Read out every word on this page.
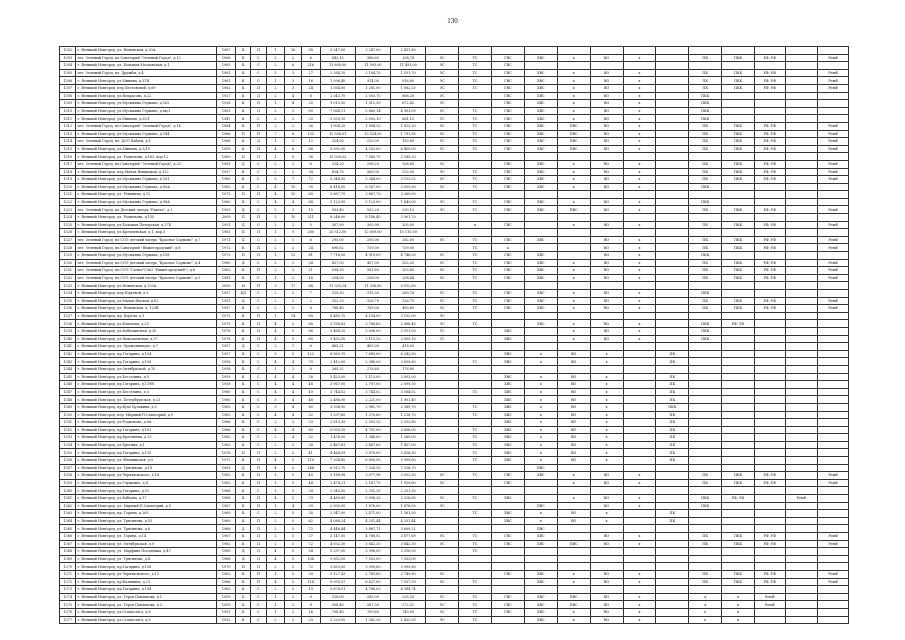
130
1302	г. Великий Новгород, ул. Нехинская, д.30А	1967	К	П	1	16	58	3 247,00	3 247,00	2 431,60													
1303	пгт. Зеленый Город, пл.Санаторий "Зеленый Город", д.12	1966	К	С	2	2	6	442,15	386,65	208,74	ЭС	ТС	ГВС	ХВС	х	ВО	х		ПК	ПКК	РФ, УФ		РемФ
1304	г. Великий Новгород, ул. Большая Московская, д.1	1965	К	С	2	6	216	13 600,00	11 593,00	11 493,00	ЭС	ТС	ГВС										
1305	пгт. Зеленый Город, пл. Дружбы, д.4	1961	К	С	3	3	27	2 264,10	2 104,70	1 551,70	ЭС	ТС	ГВС	ХВС	х	ВО	х		ПК	ПКК	РФ, УФ		РемФ
1306	г. Великий Новгород, ул.Минина, д.31В	1961	К	С	1	3	16	1 096,40	914,00	916,60	ЭС	ТС	ГВС	ХВС	х	ВО	х		ПК	ПКК	РФ, УФ		РемФ
1307	г. Великий Новгород, пер.Пестовский, д.69	1962	К	П	2	3	24	1 564,00	1 261,00	1 082,20	ЭС	ТС	ГВС	ХВС	х	ВО	х		ПК	ПКК	РФ, УФ		РемФ
1308	г. Великий Новгород, ул.Некрасова, д.22	1927	К	Д	2	4	8	2 043,70	2 003,70	868,20	ЭС		ГВС	ХВС	х	ВО	х		ПКК				
1309	г. Великий Новгород, ул.Мусыкина Германа, д.162	1928	К	П	1	4	25	1 015,30	1 012,30	672,42	ЭС		ГВС	ХВС	х	ВО	х		ПКК				
1310	г. Великий Новгород, ул.Мусыкина Германа, д.6в/1	1961	К	П	2	3	60	7 064,11	5 860,14	4 901,09	ЭС	ТС	ГВС	ХВС	х	ВО	х		ПКК				
1311	г. Великий Новгород, ул.Минина, д.20/1	1947	К	С	2	3	25	2 093,10	2 093,10	861,15	ТС	ТС	ГВС	ХВС	х	ВО	х		ПКК				
1312	пгт. Зеленый Город, пл.Санаторий "Зеленый Город", д.14	1964	К	П	2	2	36	1 904,20	1 904,20	1 412,20	ЭС	ТС	ГВС	ХВС	ПВС	ВО	х		ПК	ПКК	РФ, УФ		РемФ
1313	г. Великий Новгород, ул.Мусыкина Германа, д.144	1966	П	П	7	8	132	15 558,01	13 524,00	1 791,85	ЭС	ТС	ГВС	ХВС	ПВС	ВО	х		ПК	ПКК	РФ, УФ		РемФ
1314	пгт. Зеленый Город, пл. ДОЛ Бабаев, д.1	1968	К	Д	1	1	12	324,00	229,00	150,89	ЭС	ТС	ГВС	ХВС	ПВС	ВО	х		ПК	ПКК	РФ, УФ		РемФ
1315	г. Великий Новгород, ул.Минина, д.3/10	1959	К	П	4	6	68	5 092,00	4 203,00	6 405,00	ЭС	ТС	ГВС	ХВС	ПВС	ВО	х		ПК	ПКК	РФ, УФ		РемФ
1316	г. Великий Новгород, ул. Родионова, д.163, кор.12	1969	П	П	1	9	36	15 930,03	7 580,70	2 185,20													
1317	пгт. Зеленый Город, пл.Санаторий "Зеленый Город", д.23	1961	Д	С	2	1	6	314,20	298,20	208,40	ЭС		ГВС	ХВС	х	ВО	х		ПК	ПКК	РФ, УФ		РемФ
1318	г. Великий Новгород, пер.Малая Ямщицкая, д.132	1957	К	С	2	2	24	624,70	568,00	325,50	ЭС	ТС	ГВС	ХВС	х	ВО	х		ПК	ПКК	РФ, УФ		РемФ
1319	г. Великий Новгород, ул.Мусыкина Германа, д.181	1965	К	С	5	7	72	5 344,00	5 344,00	3 153,02	ЭС	ТС	ГВС	ХВС	х	ВО	х		ПК	ПКК	РФ, УФ		РемФ
1320	г. Великий Новгород, ул.Мусыкина Германа, д.85А	1962	К	С	4	10	90	6 416,00	6 307,00	3 003,90	ЭС	ТС	ГВС	ХВС	х	ВО	х		ПКК				
1321	г. Великий Новгород, ул. Ревинина, д.12	1975	П	П	4	10	60	3 867,70	3 867,70	3 269,00													
1322	г. Великий Новгород, ул.Мусыкина Германа, д.98А	1960	К	С	4	4	64	5 123,00	5 123,00	1 843,00	ЭС	ТС	ГВС	ХВС	х	ВО	х		ПКК				
1323	пгт. Зеленый Город, пл.Детский лагерь "Ракета", д.2	1959	Д	С	2	1	15	553,40	532,20	230,13	ЭС	ТС	ГВС	ХВС	ПВС	ВО	х		ПК	ПКК	РФ, УФ		РемФ
1324	г. Великий Новгород, ул. Родионова, д.155	2009	П	П	3	10	211	8 246,00	8 146,40	3 901,70													
1325	г. Великий Новгород, ул.Большая Печерская, д.27Б	1951	Д	С	2	2	5	307,90	305,90	205,00		х	ГВС		х	ВО	х		ПК	ПКК	РФ, УФ		РемФ
1326	г. Великий Новгород, ул.Кремлевская, д.1, кор.5	1961	П	П	1	9	280	20 512,00	12 009,00	10 110,00													
1327	пгт. Зеленый Город, пл.СОЛ детский лагерь "Красное Сормово", д.7	1971	Д	С	2	1	6	295,00	295,00	282,00	ЭС	ТС	ГВС	ХВС		ВО	х		ПК	ПКК	РФ, УФ		РемФ
1328	пгт. Зеленый Город, пл.Санаторий "Нижегородский", д.8	1972	К	П	2	2	24	698,82	739,00	739,00		ТС	х			ВО	х		ПК	ПКК	РФ, УФ		РемФ
1329	г. Великий Новгород, ул.Мусыкина Германа, д.158	1975	П	П	1	12	81	7 716,00	4 919,00	4 746,00	ЭС	ТС	ГВС	ХВС		ВО	х		ПКК				
1330	пгт. Зеленый Город, пл.СОЛ детский лагерь "Красное Сормово", д.4	1960	Д	С	2	2	24	457,00	457,00	352,20	ЭС	ТС	ГВС	ХВС	х	ВО	х		ПК	ПКК	РФ, УФ		РемФ
1331	пгт. Зеленый Город, пл.СОЛ "Салют"(ЗАО "Нижегородский"), д.6	1962	К	П	2	3	21	594,30	581,60	353,40	ЭС	ТС	ГВС	ХВС	х	ВО	х		ПК	ПКК	РФ, УФ		РемФ
1332	пгт. Зеленый Город, пл.СОЛ детский лагерь "Красное Сормово", д.3	1961	К	С	1	2	16	254,00	236,00	208,44	ЭС	ТС	ГВС	ХВС	х	ВО	х		ПК	ПКК	РФ, УФ		РемФ
1333	г. Великий Новгород, ул.Нехинская, д.153А	2009	М	П	3	17	84	11 333,24	11 336,80	9 512,89													
1334	г. Великий Новгород, пер.Юрьевой, д.9	1957	КД	С	2	2	7	315,30	315,30	289,76	ЭС	ТС	ГВС	ХВС	х	ВО	х		ПКК				
1335	г. Великий Новгород, ул.Малая Ямская, д.62	1951	Д	С	2	2	2	352,20	326,70	326,70	ЭС	ТС	ГВС	ХВС	х	ВО	х		ПК	ПКК	РФ, УФ		РемФ
1336	г. Великий Новгород, ул. Нехинская, д. 123В	1957	К	С	2	3	8	788,40	769,00	469,60	ЭС	ТС	ГВС	ХВС	х	ВО	х		ПК	ПКК	РФ, УФ		РемФ
1337	г. Великий Новгород, пр. Березы, д.1	1972	К	П	1	14	89	8 485,70	4 154,00	3 152,00	ЭС												
1338	г. Великий Новгород, ул.Ковалева, д.25	1975	К	П	4	5	68	3 768,63	3 768,63	2 966,45	ЭС	ТС		ХВС	х	ВО	х		ПКК	РФ, УФ			
1339	г. Великий Новгород, ул.Кобылинская, д.30	1976	К	П	4	5	86	5 468,20	5 096,00	3 911,00	ТС		ХВС		х	ВО	х		ПКК				
1340	г. Великий Новгород, ул.Николаевская, д.37	1978	К	П	4	5	60	3 452,50	3 115,20	2 005,10	ТС		ХВС		х	ВО	х		ПКК				
1341	г. Великий Новгород, ул. Орджоникидзе, д.7	1957	Д	С	2	1	6	465,21	465,00	418,00													
1342	г. Великий Новгород, пр.Гагарина, д.104	1957	К	С	5	5	123	8 069,70	7 685,00	6 242,80			ХВС	х	ВО	х		ПК					
1343	г. Великий Новгород, пр.Гагарина, д.106	1958	К	С	4	4	70	2 412,00	2 346,00	2 059,80		ТС	ХВС	х	ВО	х		ПК					
1344	г. Великий Новгород, ул.Октябрьской, д.10	1958	К	С	1	2	8	265,32	276,60	176,60													
1345	г. Великий Новгород, ул.Бесселина, д.5	1959	К	С	4	4	38	3 423,00	1 113,00	3 003,00			ХВС	х	ВО	х		ПК					
1346	г. Великий Новгород, пр.Гагарина, д.119В	1958	К	С	4	4	48	3 967,00	2 797,00	2 099,30			ХВС	х	ВО	х		ПК					
1347	г. Великий Новгород, ул.Бесселина, д.3	1960	К	С	4	4	49	3 744,02	3 744,02	3 164,02		ТС	ХВС	х	ВО	х		ПК					
1348	г. Великий Новгород, ул. Петербургская, д.23	1960	К	С	3	4	48	2 488,90	2 221,00	1 901,40			ХВС	х	ВО	х		ПК					
1349	г. Великий Новгород, пр.Бухе Булавина, д.2	1962	К	С	3	4	60	3 334,90	2 981,70	2 389,70		ТС	ХВС	х	ВО	х		ПКК					
1350	г. Великий Новгород, пер. Мирный-П.Санаторий, д.9	1962	К	С	4	4	32	1 297,60	1 270,60	1 218,70		ТС	ХВС	х	ВО	х		ПК					
1351	г. Великий Новгород, ул.Родионова, д.8А	1966	К	С	2	3	33	2 613,95	2 553,20	2 012,80			ХВС	х	ВО	х		ПК					
1352	г. Великий Новгород, пр.Гагарина, д.103	1966	К	С	4	4	80	5 093,10	4 751,00	3 806,00		ТС	ХВС	х	ВО	х		ПК					
1353	г. Великий Новгород, пр.Ереганина, д.33	1962	К	С	2	4	32	1 476,00	1 346,00	1 265,00		ТС	ХВС	х	ВО	х		ПК					
1354	г. Великий Новгород, ул.Ерегина, д.1	1963	К	С	2	3	28	2 467,63	2 467,63	1 457,00		ТС	ХВС	х	ВО	х		ПК					
1355	г. Великий Новгород, пр.Гагарина, д.110	1976	П	П	2	5	41	4 464,09	3 879,00	3 816,30		ТС	ХВС	х	ВО	х		ПК					
1356	г. Великий Новгород, ул.Збновинская, д.9	1972	К	П	4	5	110	7 204,80	6 690,90	5 999,60		ТС	ХВС	х	ВО	х		ПК					
1357	г. Великий Новгород, ул. Трясинова, д.18	1961	Д	П	4	5	144	6 912,70	7 326,30	7 326,70				ПВС									
1358	г. Великий Новгород, ул.Черняховского, д.14	1962	К	П	1	5	40	3 188,98	3 077,96	3 052,30	ЭС	ТС	ГВС	ХВС	х	ВО	х		ПК	ПКК	РФ, УФ		РемФ
1359	г. Великий Новгород, ул.Глущенко, д.4	1962	К	П	1	5	44	2 474,21	2 147,79	1 929,60	ЭС		ГВС		х	ВО	х		ПК	ПКК	РФ, УФ		РемФ
1360	г. Великий Новгород, пр.Гагарина, д.51	1966	К	С	1	5	24	2 343,00	2 251,30	2 251,30													
1361	г. Великий Новгород, ул.Бабаева, д.17	1968	К	П	4	5	79	4 489,60	5 096,30	3 326,80	ЭС	ТС	ХВС		х	ВО	х		ПКК	РФ, УФ		РемФ	
1362	г. Великий Новгород, ул. Мирный-П.Санаторий, д.5	1967	К	П	1	4	39	2 000,00	1 876,00	1 876,00	ЭС			ПВС		ВО	х		ПКК				
1363	г. Великий Новгород, пр. Горина, д.263	1969	К	С	2	5	28	2 547,00	2 471,00	1 561,50		ТС	ХВС	х	ВО	х		ПК					
1364	г. Великий Новгород, ул. Трясинова, д.53	1969	К	П	2	5	62	4 088,24	4 251,44	4 251,44			ХВС	х	ВО	х		ПК					
1365	г. Великий Новгород, ул. Трясинова, д.8	1968	Д	П	2	5	72	4 446,44	3 887,71	3 609,21				ПВС									
1366	г. Великий Новгород, ул. Горина, д.14	1967	К	П	2	5	37	3 147,00	4 786,02	3 877,69	ЭС	ТС	ГВС	ХВС		ВО	х		ПК	ПКК	РФ, УФ		РемФ
1367	г. Великий Новгород, ул. Октябрьская, д.9	1962	К	П	2	5	72	4 932,30	3 842,30	3 842,30	ЭС	ТС	ГВС	ХВС	ПВС	ВО	х		ПК	ПКК	РФ, УФ		РемФ
1368	г. Великий Новгород, ул. Марфина Посадника, д.47	1960	Д	П	4	5	54	5 297,00	3 998,00	3 916,00		ТС											
1369	г. Великий Новгород, ул. Трясинова, д.4	1966	Д	П	4	5	104	9 852,00	7 553,00	7 553,00													
1370	г. Великий Новгород, пр.Гагарина, д.108	1970	П	П	2	5	72	3 853,00	3 999,80	3 999,80													
1371	г. Великий Новгород, ул.Черняховского, д.12	1962	К	П	1	5	39	3 127,43	2 749,80	2 749,80	ЭС		ГВС	ХВС	х	ВО	х		ПК	ПКК	РФ, УФ		РемФ
1372	г. Великий Новгород, пр.Калинина, д.21	1966	К	П	4	5	114	9 055,07	8 437,89	7 937,59	ЭС	ТС		ХВС	х	ВО	х		ПК	ПКК	РФ, УФ		РемФ
1373	г. Великий Новгород, пр.Гагарина, д.184	1963	К	С	2	5	19	5 876,01	4 786,03	4 384,74													
1374	г. Великий Новгород, ул. Героя Павликова, д.1	1959	Б	С	1	2	8	318,00	285,00	235,20	ЭС	ТС	ГВС	ХВС	ПВС	ВО	х		х	х	РемФ		
1375	г. Великий Новгород, ул. Героя Павликова, д.3	1959	Б	С	1	2	8	308,40	287,30	272,21	ЭС	ТС	ГВС	ХВС	ПВС	ВО	х		х	х	РемФ		
1376	г. Великий Новгород, ул.Стопаслага, д.8	1951	Б	С	1	2	16	708,40	709,60	749,00	ЭС	ТС	ГВС	ХВС	х	ВО	х		х	х			
1377	г. Великий Новгород, ул.Стопаслага, д.9	1952	К	С	2	2	29	2 220,00	1 382,20	1 432,05	ЭС	ТС		ХВС	х	ВО	х		х	х			
